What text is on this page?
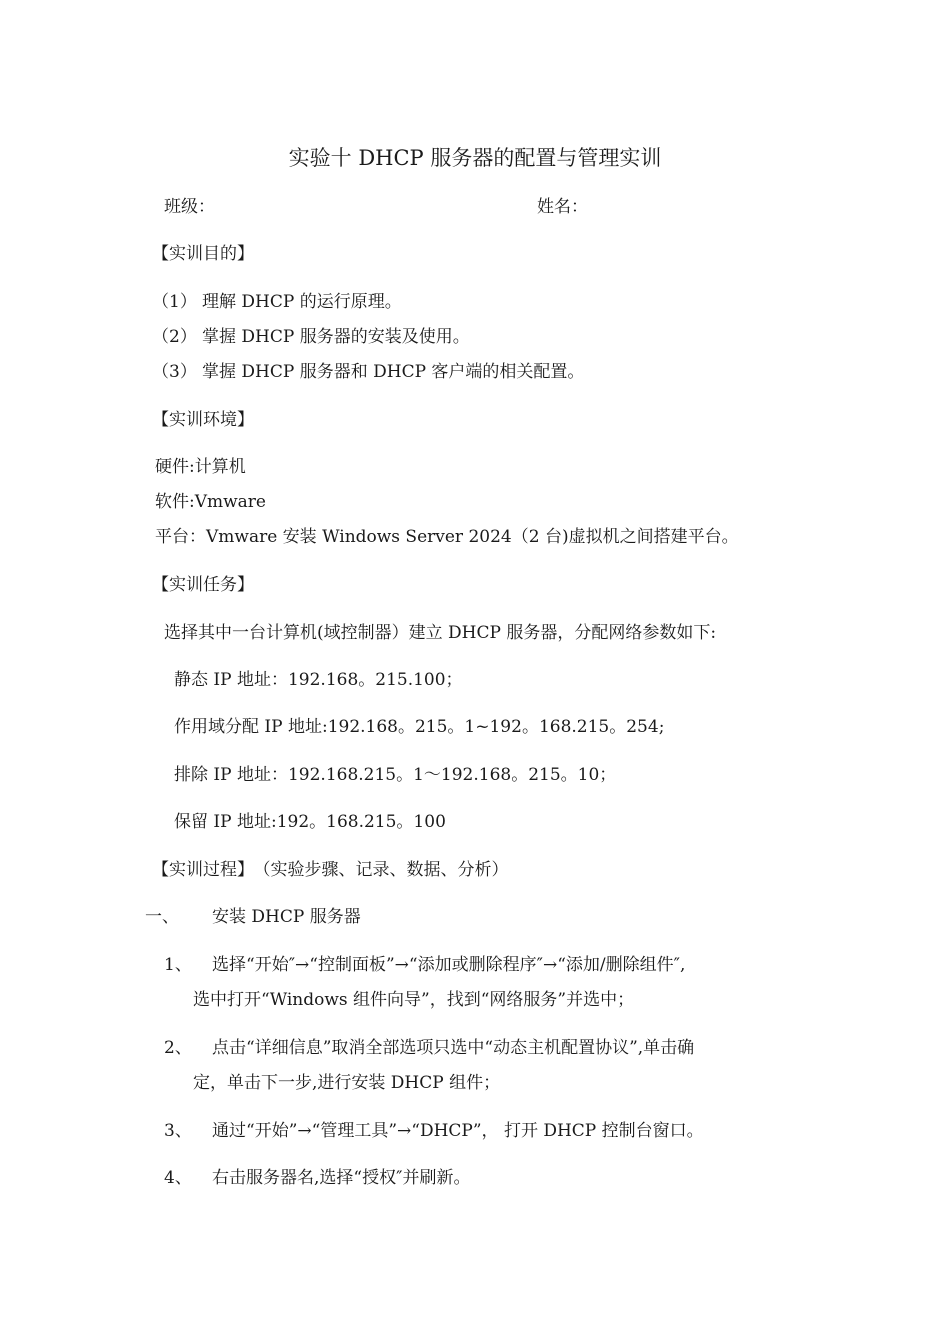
实验十 DHCP 服务器的配置与管理实训
班级：	姓名：
【实训目的】
（1） 理解 DHCP 的运行原理。
（2） 掌握 DHCP 服务器的安装及使用。
（3） 掌握 DHCP 服务器和 DHCP 客户端的相关配置。
【实训环境】
硬件:计算机
软件:Vmware
平台：Vmware 安装 Windows Server 2024（2 台)虚拟机之间搭建平台。
【实训任务】
选择其中一台计算机(域控制器）建立 DHCP 服务器，分配网络参数如下:
静态 IP 地址：192.168。215.100；
作用域分配 IP 地址:192.168。215。1~192。168.215。254;
排除 IP 地址：192.168.215。1～192.168。215。10；
保留 IP 地址:192。168.215。100
【实训过程】 （实验步骤、记录、数据、分析）
一、 安装 DHCP 服务器
1、 选择“开始″→“控制面板”→“添加或删除程序″→“添加/删除组件″,
选中打开“Windows 组件向导”，找到“网络服务”并选中；
2、 点击“详细信息”取消全部选项只选中“动态主机配置协议”,单击确
定，单击下一步,进行安装 DHCP 组件；
3、 通过“开始”→“管理工具”→“DHCP”， 打开 DHCP 控制台窗口。
4、 右击服务器名,选择“授权″并刷新。
